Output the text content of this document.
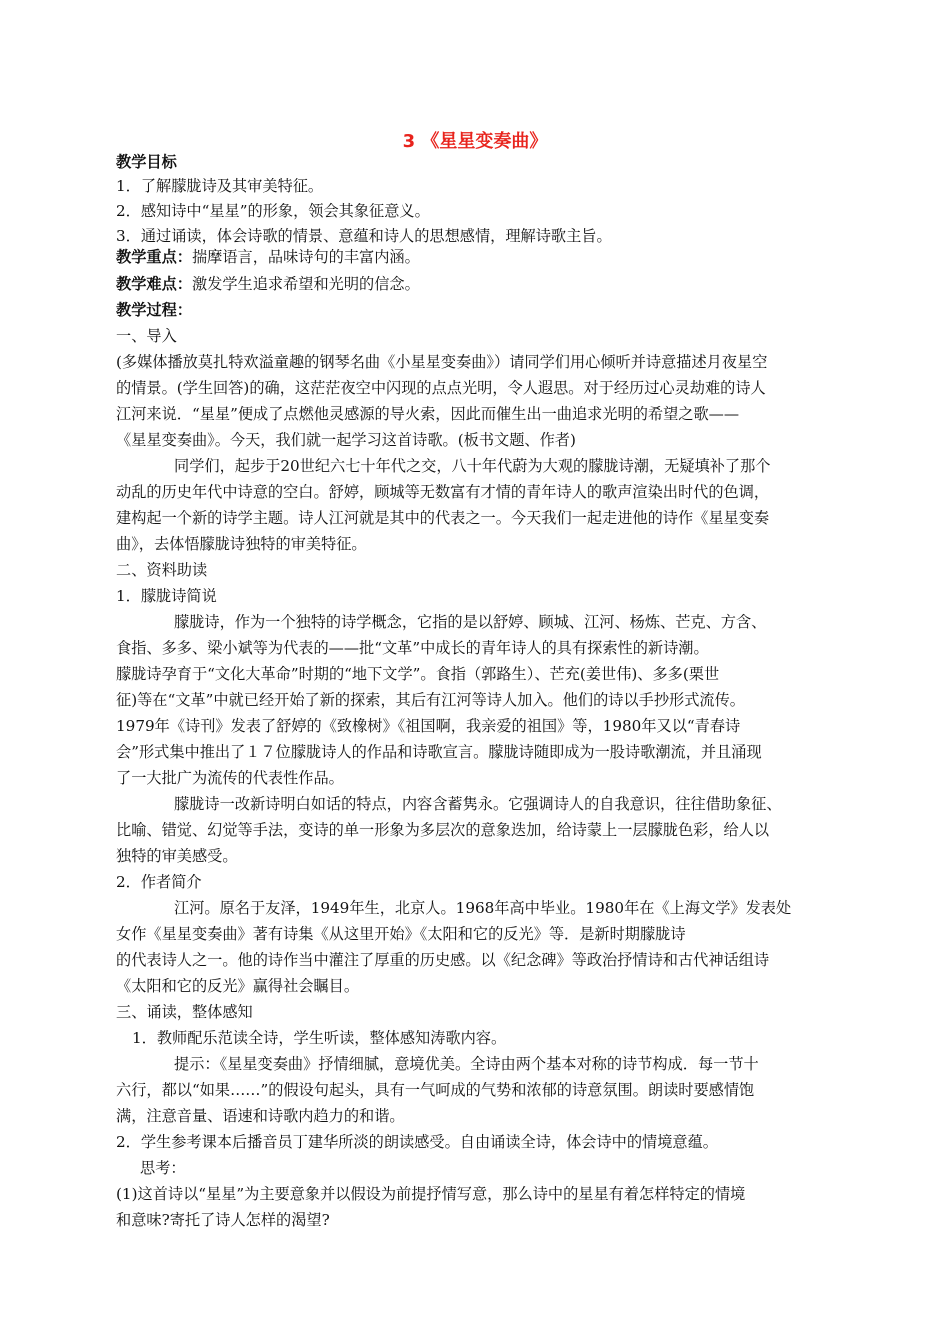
3 《星星变奏曲》
教学目标
1．了解朦胧诗及其审美特征。
2．感知诗中“星星”的形象，领会其象征意义。
3．通过诵读，体会诗歌的情景、意蕴和诗人的思想感情，理解诗歌主旨。
教学重点：揣摩语言，品味诗句的丰富内涵。
教学难点：激发学生追求希望和光明的信念。
教学过程：
一、导入
(多媒体播放莫扎特欢溢童趣的钢琴名曲《小星星变奏曲》）请同学们用心倾听并诗意描述月夜星空
的情景。(学生回答)的确，这茫茫夜空中闪现的点点光明，令人遐思。对于经历过心灵劫难的诗人
江河来说．“星星”便成了点燃他灵感源的导火索，因此而催生出一曲追求光明的希望之歌——
《星星变奏曲》。今天，我们就一起学习这首诗歌。(板书文题、作者)
同学们，起步于20世纪六七十年代之交，八十年代蔚为大观的朦胧诗潮，无疑填补了那个
动乱的历史年代中诗意的空白。舒婷，顾城等无数富有才情的青年诗人的歌声渲染出时代的色调，
建构起一个新的诗学主题。诗人江河就是其中的代表之一。今天我们一起走进他的诗作《星星变奏
曲》，去体悟朦胧诗独特的审美特征。
二、资料助读
1．朦胧诗简说
朦胧诗，作为一个独特的诗学概念，它指的是以舒婷、顾城、江河、杨炼、芒克、方含、
食指、多多、梁小斌等为代表的——批“文革”中成长的青年诗人的具有探索性的新诗潮。
朦胧诗孕育于“文化大革命”时期的“地下文学”。食指（郭路生）、芒充(姜世伟)、多多(栗世
征)等在“文革”中就已经开始了新的探索，其后有江河等诗人加入。他们的诗以手抄形式流传。
1979年《诗刊》发表了舒婷的《致橡树》《祖国啊，我亲爱的祖国》等，1980年又以“青春诗
会”形式集中推出了１７位朦胧诗人的作品和诗歌宣言。朦胧诗随即成为一股诗歌潮流，并且涌现
了一大批广为流传的代表性作品。
朦胧诗一改新诗明白如话的特点，内容含蓄隽永。它强调诗人的自我意识，往往借助象征、
比喻、错觉、幻觉等手法，变诗的单一形象为多层次的意象迭加，给诗蒙上一层朦胧色彩，给人以
独特的审美感受。
2．作者简介
江河。原名于友泽，1949年生，北京人。1968年高中毕业。1980年在《上海文学》发表处
女作《星星变奏曲》著有诗集《从这里开始》《太阳和它的反光》等．是新时期朦胧诗
的代表诗人之一。他的诗作当中灌注了厚重的历史感。以《纪念碑》等政治抒情诗和古代神话组诗
《太阳和它的反光》赢得社会瞩目。
三、诵读，整体感知
1．教师配乐范读全诗，学生听读，整体感知涛歌内容。
提示：《星星变奏曲》抒情细腻，意境优美。全诗由两个基本对称的诗节构成．每一节十
六行，都以“如果……”的假设句起头，具有一气呵成的气势和浓郁的诗意氛围。朗读时要感情饱
满，注意音量、语速和诗歌内趋力的和谐。
2．学生参考课本后播音员丁建华所淡的朗读感受。自由诵读全诗，体会诗中的情境意蕴。
思考：
(1)这首诗以“星星”为主要意象并以假设为前提抒情写意，那么诗中的星星有着怎样特定的情境
和意味?寄托了诗人怎样的渴望?
